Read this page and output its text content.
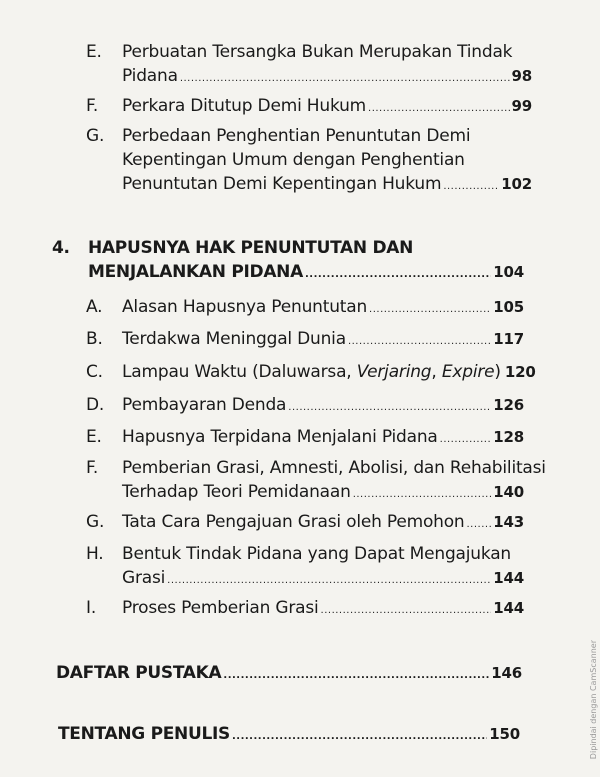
E.	Perbuatan Tersangka Bukan Merupakan Tindak
Pidana .....	98
F.	Perkara Ditutup Demi Hukum .....	99
G.	Perbedaan Penghentian Penuntutan Demi
Kepentingan Umum dengan Penghentian
Penuntutan Demi Kepentingan Hukum .....	102
4. HAPUSNYA HAK PENUNTUTAN DAN
MENJALANKAN PIDANA .....	104
A.	Alasan Hapusnya Penuntutan .....	105
B.	Terdakwa Meninggal Dunia .....	117
C.	Lampau Waktu (Daluwarsa, Verjaring, Expire) 120
D.	Pembayaran Denda .....	126
E.	Hapusnya Terpidana Menjalani Pidana .....	128
F.	Pemberian Grasi, Amnesti, Abolisi, dan Rehabilitasi
Terhadap Teori Pemidanaan .....	140
G.	Tata Cara Pengajuan Grasi oleh Pemohon ..... 143
H.	Bentuk Tindak Pidana yang Dapat Mengajukan
Grasi .....	144
I.	Proses Pemberian Grasi .....	144
DAFTAR PUSTAKA .....	146
TENTANG PENULIS .....	150	Dipindai dengan CamScanner
